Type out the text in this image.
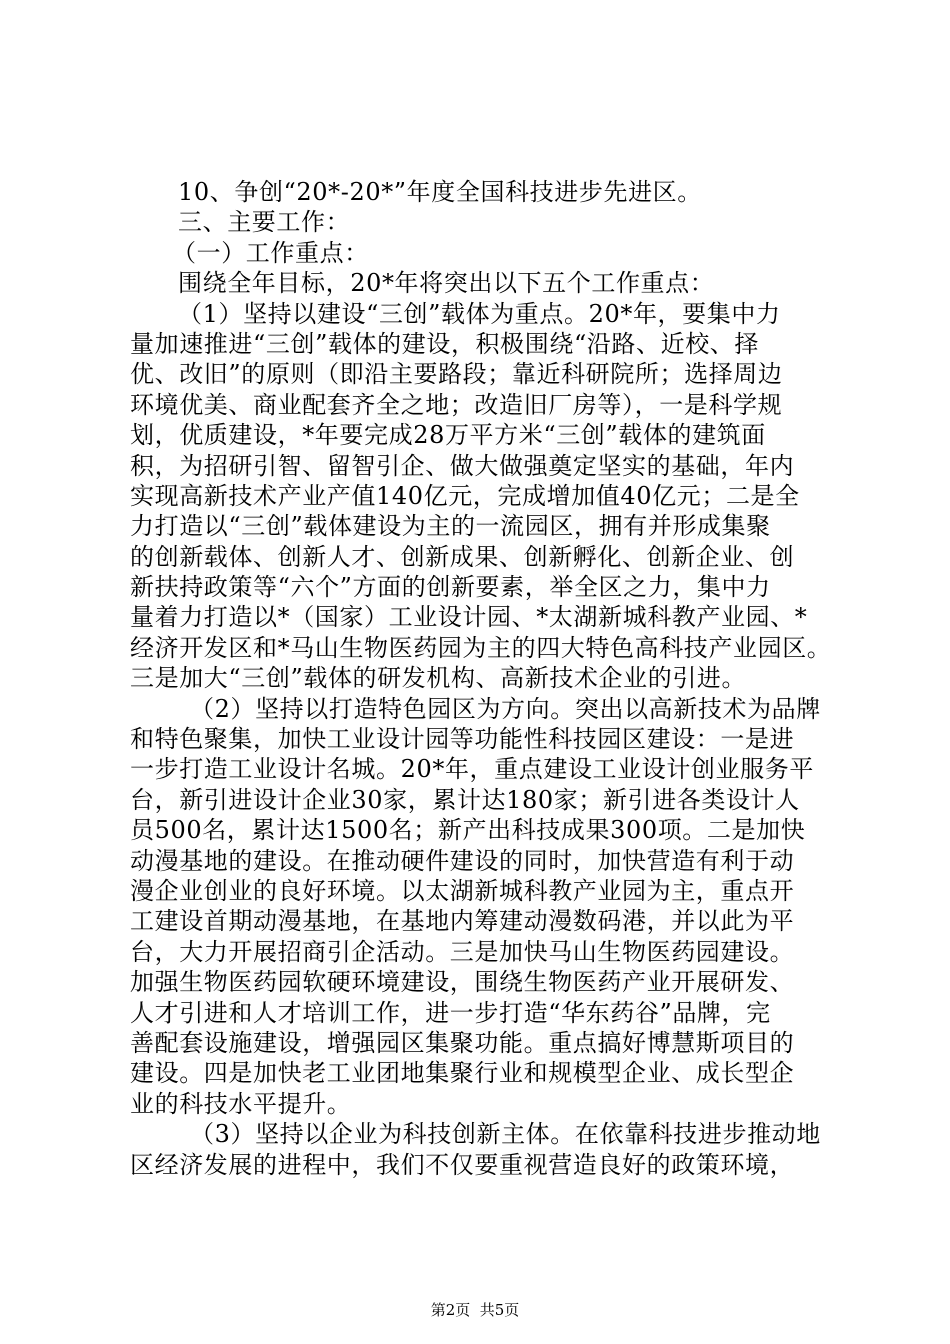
10、争创“20*-20*”年度全国科技进步先进区。
三、主要工作：
（一）工作重点：
围绕全年目标，20*年将突出以下五个工作重点：
（1）坚持以建设“三创”载体为重点。20*年，要集中力
量加速推进“三创”载体的建设，积极围绕“沿路、近校、择
优、改旧”的原则（即沿主要路段；靠近科研院所；选择周边
环境优美、商业配套齐全之地；改造旧厂房等），一是科学规
划，优质建设，*年要完成28万平方米“三创”载体的建筑面
积，为招研引智、留智引企、做大做强奠定坚实的基础，年内
实现高新技术产业产值140亿元，完成增加值40亿元；二是全
力打造以“三创”载体建设为主的一流园区，拥有并形成集聚
的创新载体、创新人才、创新成果、创新孵化、创新企业、创
新扶持政策等“六个”方面的创新要素，举全区之力，集中力
量着力打造以*（国家）工业设计园、*太湖新城科教产业园、*
经济开发区和*马山生物医药园为主的四大特色高科技产业园区。
三是加大“三创”载体的研发机构、高新技术企业的引进。
（2）坚持以打造特色园区为方向。突出以高新技术为品牌
和特色聚集，加快工业设计园等功能性科技园区建设：一是进
一步打造工业设计名城。20*年，重点建设工业设计创业服务平
台，新引进设计企业30家，累计达180家；新引进各类设计人
员500名，累计达1500名；新产出科技成果300项。二是加快
动漫基地的建设。在推动硬件建设的同时，加快营造有利于动
漫企业创业的良好环境。以太湖新城科教产业园为主，重点开
工建设首期动漫基地，在基地内筹建动漫数码港，并以此为平
台，大力开展招商引企活动。三是加快马山生物医药园建设。
加强生物医药园软硬环境建设，围绕生物医药产业开展研发、
人才引进和人才培训工作，进一步打造“华东药谷”品牌，完
善配套设施建设，增强园区集聚功能。重点搞好博慧斯项目的
建设。四是加快老工业团地集聚行业和规模型企业、成长型企
业的科技水平提升。
（3）坚持以企业为科技创新主体。在依靠科技进步推动地
区经济发展的进程中，我们不仅要重视营造良好的政策环境，
第2页  共5页
